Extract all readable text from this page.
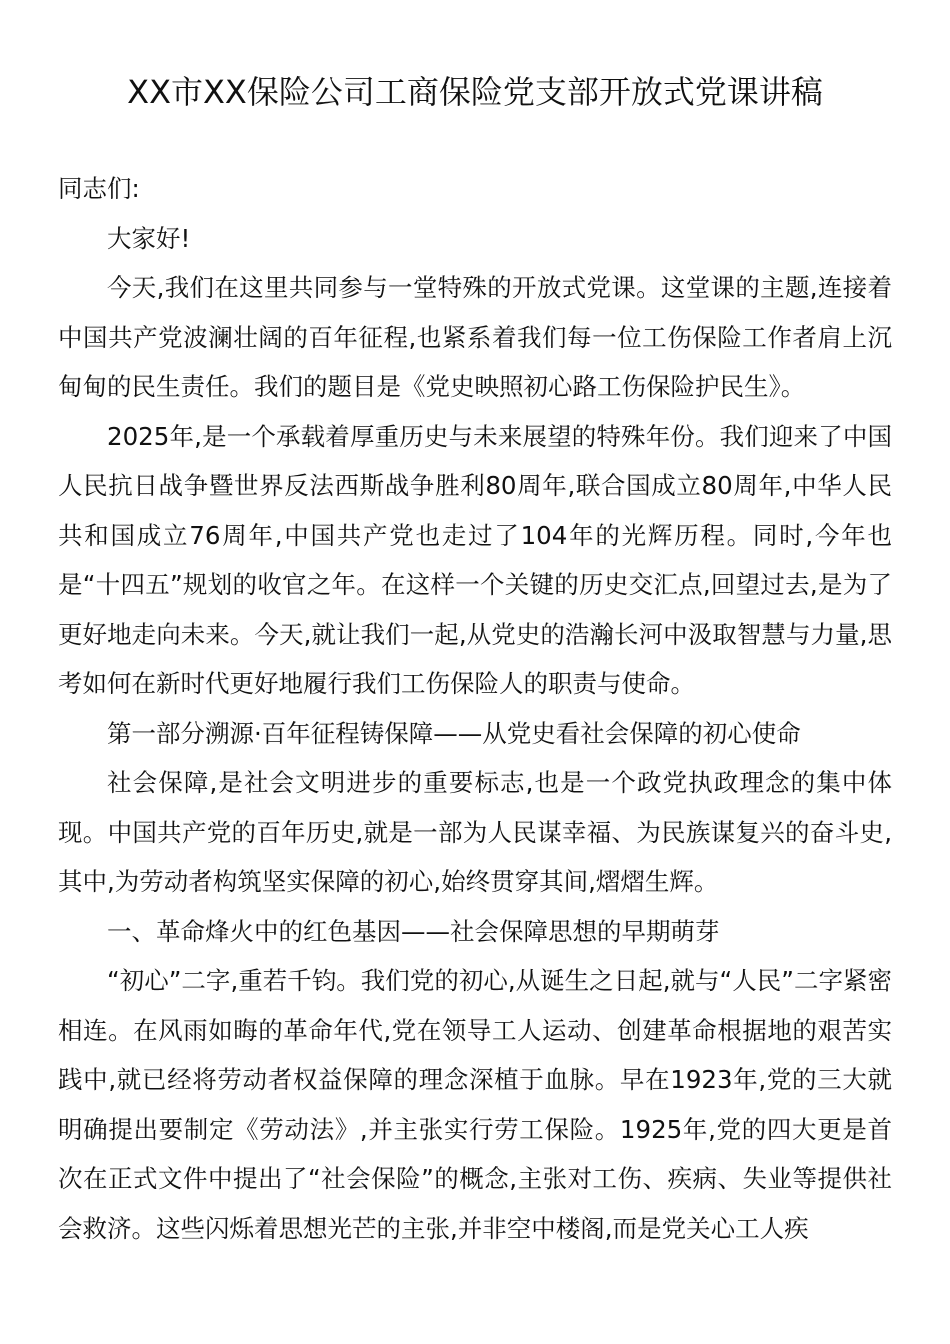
XX市XX保险公司工商保险党支部开放式党课讲稿

同志们:

大家好!

今天,我们在这里共同参与一堂特殊的开放式党课。这堂课的主题,连接着中国共产党波澜壮阔的百年征程,也紧系着我们每一位工伤保险工作者肩上沉甸甸的民生责任。我们的题目是《党史映照初心路工伤保险护民生》。

2025年,是一个承载着厚重历史与未来展望的特殊年份。我们迎来了中国人民抗日战争暨世界反法西斯战争胜利80周年,联合国成立80周年,中华人民共和国成立76周年,中国共产党也走过了104年的光辉历程。同时,今年也是“十四五”规划的收官之年。在这样一个关键的历史交汇点,回望过去,是为了更好地走向未来。今天,就让我们一起,从党史的浩瀚长河中汲取智慧与力量,思考如何在新时代更好地履行我们工伤保险人的职责与使命。

第一部分溯源·百年征程铸保障——从党史看社会保障的初心使命

社会保障,是社会文明进步的重要标志,也是一个政党执政理念的集中体现。中国共产党的百年历史,就是一部为人民谋幸福、为民族谋复兴的奋斗史,其中,为劳动者构筑坚实保障的初心,始终贯穿其间,熠熠生辉。

一、革命烽火中的红色基因——社会保障思想的早期萌芽

“初心”二字,重若千钧。我们党的初心,从诞生之日起,就与“人民”二字紧密相连。在风雨如晦的革命年代,党在领导工人运动、创建革命根据地的艰苦实践中,就已经将劳动者权益保障的理念深植于血脉。早在1923年,党的三大就明确提出要制定《劳动法》,并主张实行劳工保险。1925年,党的四大更是首次在正式文件中提出了“社会保险”的概念,主张对工伤、疾病、失业等提供社会救济。这些闪烁着思想光芒的主张,并非空中楼阁,而是党关心工人疾
